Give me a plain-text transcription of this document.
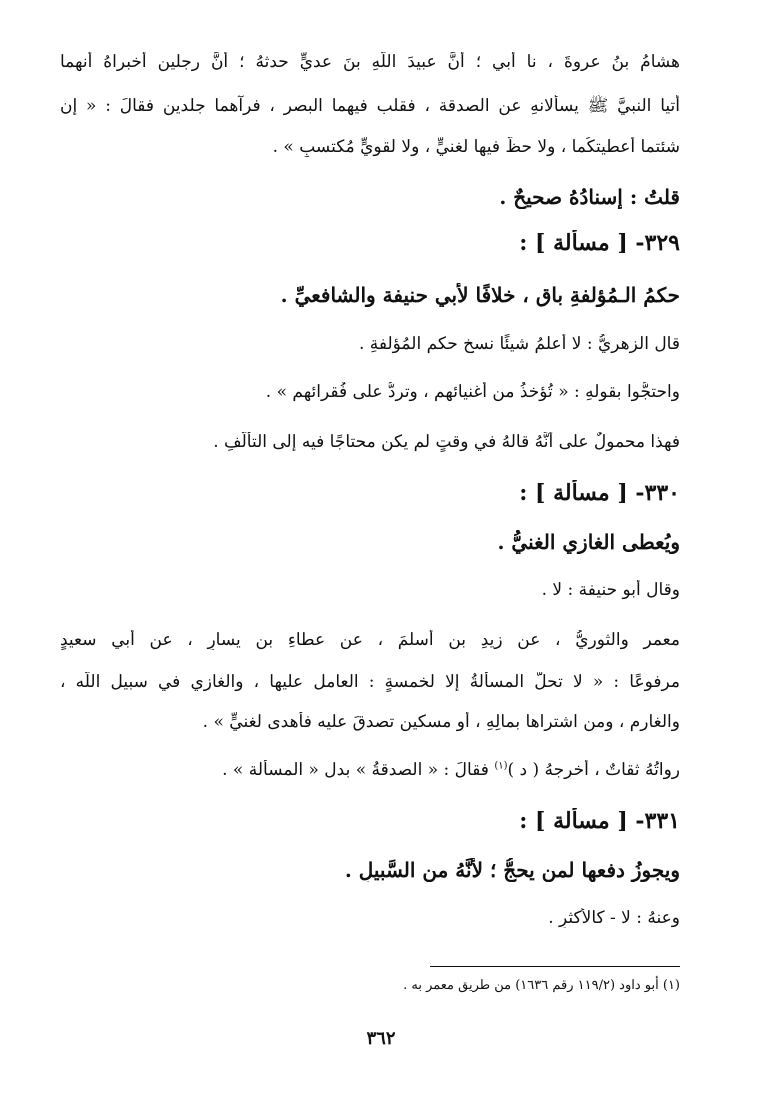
هشامُ بنُ عروةَ ، نا أبي ؛ أنَّ عبيدَ اللَّهِ بنَ عديٍّ حدثهُ ؛ أنَّ رجلينِ أخبراهُ أنهما
أتيا النبيَّ ﷺ يسألانهِ عن الصدقة ، فقلب فيهما البصر ، فرآهما جلدين فقالَ : « إن
شئتما أعطيتكُما ، ولا حظَّ فيها لغنيٍّ ، ولا لقويٍّ مُكتسبٍ » .
قلتُ : إسنادُهُ صحيحٌ .
٣٢٩- [ مسألة ] :
حكمُ الـمُؤلفةِ باقٍ ، خلافًا لأبي حنيفة والشافعيِّ .
قال الزهريُّ : لا أعلمُ شيئًا نسخ حكم المُؤلفةِ .
واحتجُّوا بقولهِ : « تُؤخذُ من أغنيائهم ، وتردُّ على فُقرائهم » .
فهذا محمولٌ على أنَّهُ قالهُ في وقتٍ لم يكن محتاجًا فيه إلى التألُّفِ .
٣٣٠- [ مسألة ] :
ويُعطى الغازي الغنيُّ .
وقال أبو حنيفة : لا .
معمر والثوريُّ ، عن زيدِ بن أسلمَ ، عن عطاءِ بن يسارٍ ، عن أبي سعيدٍ
مرفوعًا : « لا تحلُّ المسألةُ إلا لخمسةٍ : العامل عليها ، والغازي في سبيل اللَّه ،
والغارمِ ، ومن اشتراها بمالِهِ ، أو مسكينٍ تصدقَ عليه فأهدى لغنيٍّ » .
رواتُهُ ثقاتٌ ، أخرجهُ ( د )$^{(١)}$ فقالَ : « الصدقةُ » بدل « المسألة » .
٣٣١- [ مسألة ] :
ويجوزُ دفعها لمن يحجُّ ؛ لأنَّهُ من السَّبيلِ .
وعنهُ : لا - كالأكثرِ .
(١) أبو داود (١١٩/٢ رقم ١٦٣٦) من طريق معمر به .
٣٦٢
